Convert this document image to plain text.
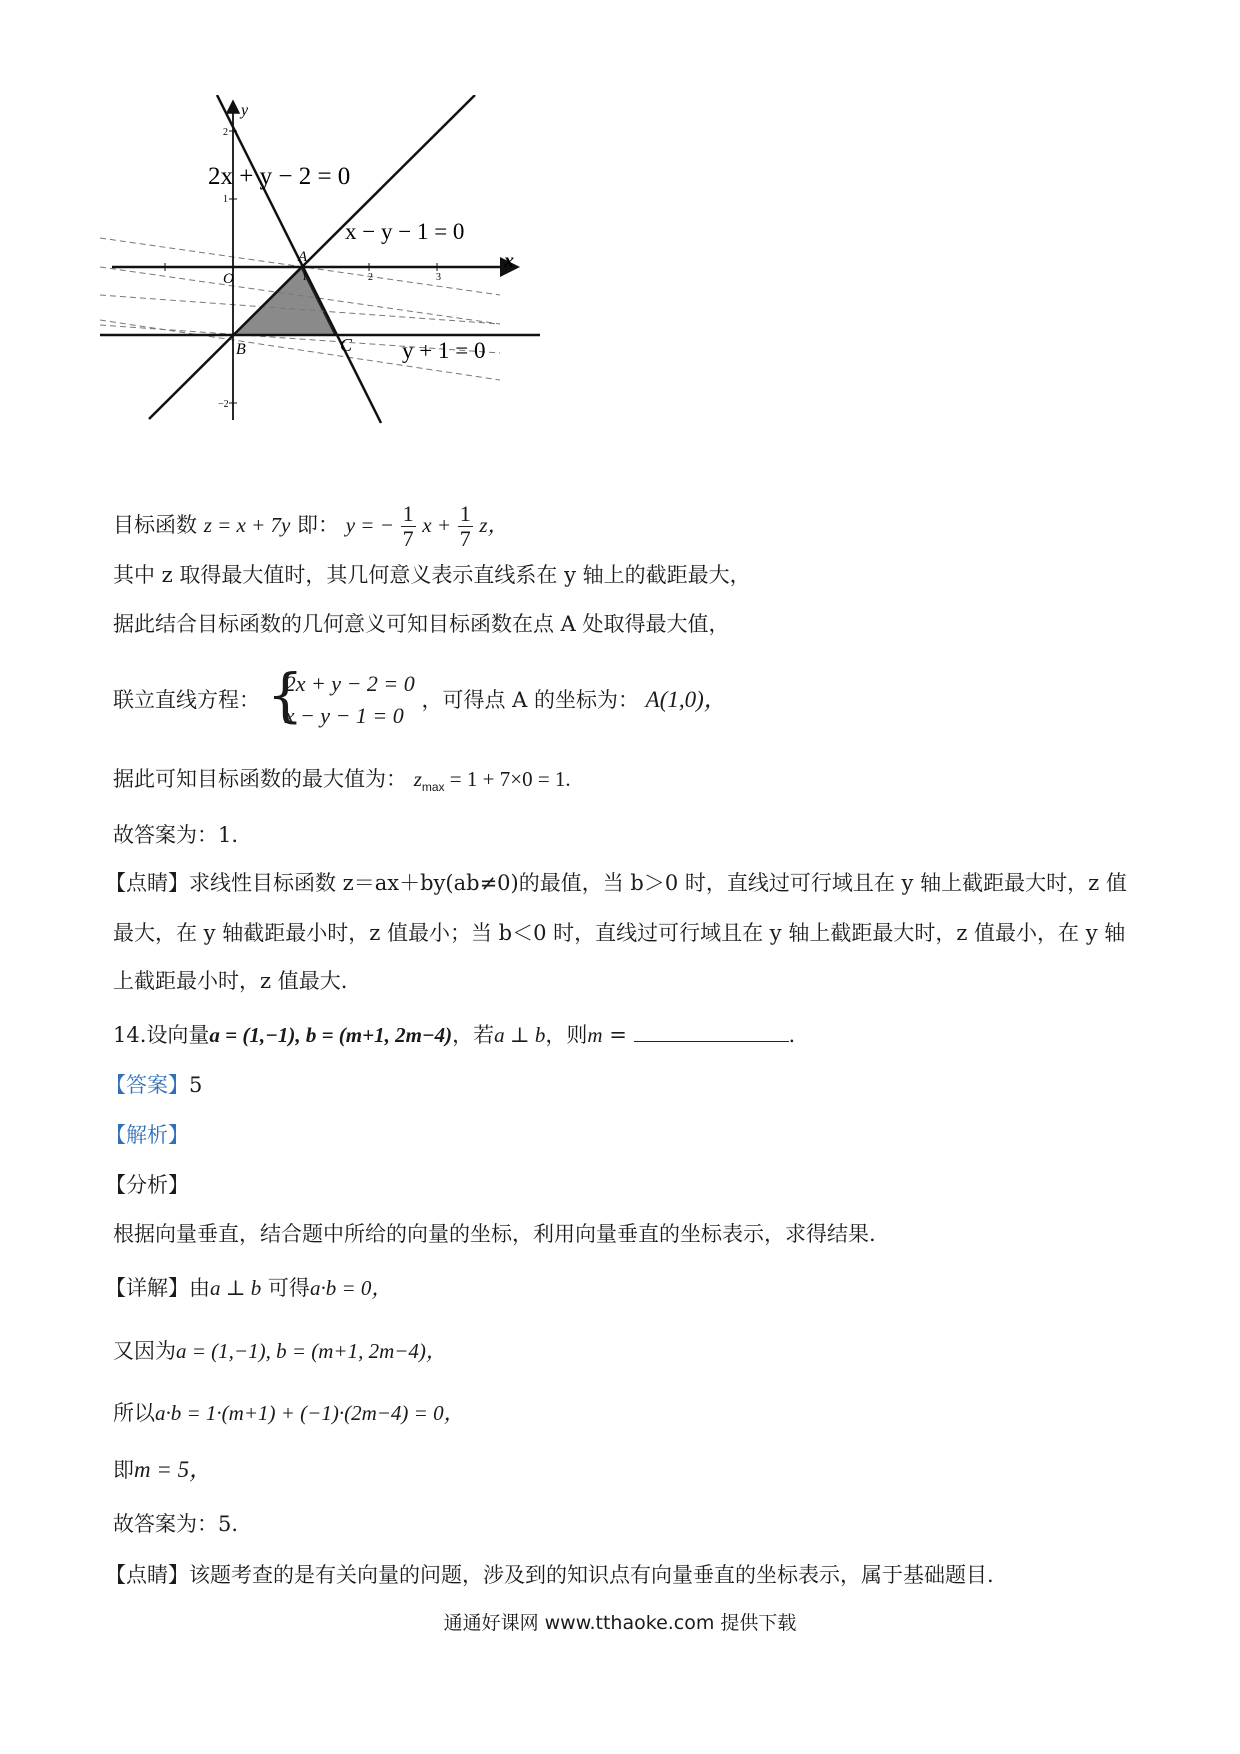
x
y
O	1	2	3
2
1
−2
A
B	C
2x + y − 2 = 0
x − y − 1 = 0
y + 1 = 0
目标函数 z = x + 7y 即： y = − $\frac{1}{7}$ $x + \frac{1}{7}$ z，
其中 z 取得最大值时，其几何意义表示直线系在 y 轴上的截距最大，
据此结合目标函数的几何意义可知目标函数在点 A 处取得最大值，
联立直线方程：
{ 2x + y − 2 = 0
x − y − 1 = 0
，可得点 A 的坐标为： A(1,0)，
据此可知目标函数的最大值为： $z_{max} = 1 + 7\times 0 = 1$.
故答案为：1.
【点睛】求线性目标函数 z＝ax＋by(ab≠0)的最值，当 b＞0 时，直线过可行域且在 y 轴上截距最大时，z 值
最大，在 y 轴截距最小时，z 值最小；当 b＜0 时，直线过可行域且在 y 轴上截距最大时，z 值最小，在 y 轴
上截距最小时，z 值最大.
14.设向量a = (1,−1), b = (m+1, 2m−4)，若a ⊥ b，则m =	.
【答案】5
【解析】
【分析】
根据向量垂直，结合题中所给的向量的坐标，利用向量垂直的坐标表示，求得结果.
【详解】由a ⊥ b 可得a·b = 0，
又因为a = (1,−1), b = (m+1, 2m−4)，
所以a·b = 1·(m+1) + (−1)·(2m−4) = 0，
即m = 5，
故答案为：5.
【点睛】该题考查的是有关向量的问题，涉及到的知识点有向量垂直的坐标表示，属于基础题目.
通通好课网 www.tthaoke.com 提供下载
